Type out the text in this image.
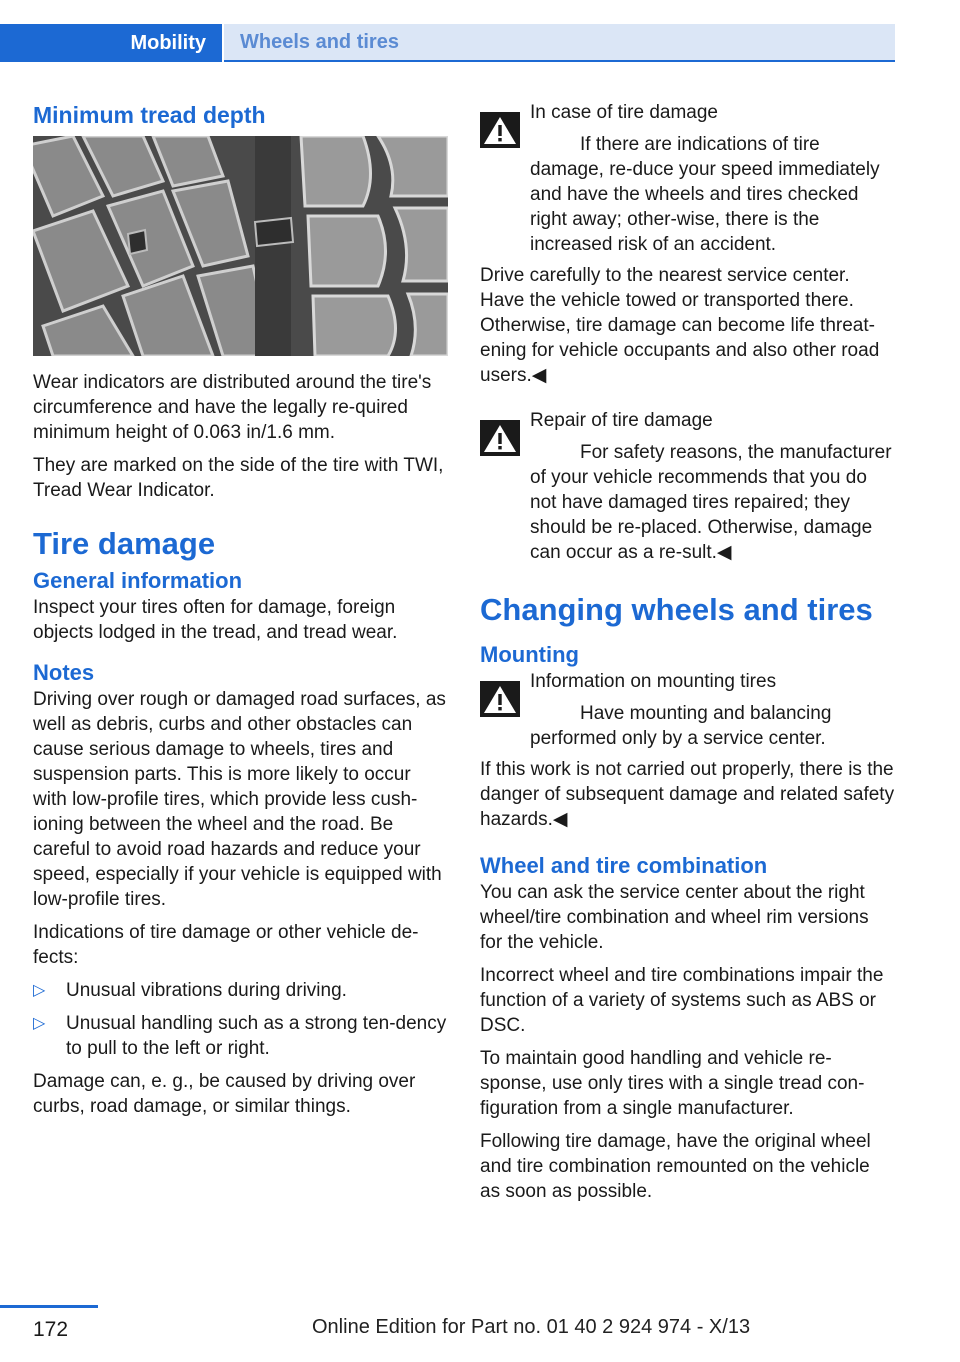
Mobility	Wheels and tires
Minimum tread depth

Wear indicators are distributed around the tire's circumference and have the legally re‐quired minimum height of 0.063 in/1.6 mm.

They are marked on the side of the tire with TWI, Tread Wear Indicator.

Tire damage
General information

Inspect your tires often for damage, foreign objects lodged in the tread, and tread wear.

Notes

Driving over rough or damaged road surfaces, as well as debris, curbs and other obstacles can cause serious damage to wheels, tires and suspension parts. This is more likely to occur with low-profile tires, which provide less cush‐ioning between the wheel and the road. Be careful to avoid road hazards and reduce your speed, especially if your vehicle is equipped with low-profile tires.

Indications of tire damage or other vehicle de‐fects:

▷ Unusual vibrations during driving.
▷ Unusual handling such as a strong ten‐dency to pull to the left or right.

Damage can, e. g., be caused by driving over curbs, road damage, or similar things.

In case of tire damage

If there are indications of tire damage, re‐duce your speed immediately and have the wheels and tires checked right away; other‐wise, there is the increased risk of an accident.

Drive carefully to the nearest service center. Have the vehicle towed or transported there. Otherwise, tire damage can become life threat‐ening for vehicle occupants and also other road users.◀

Repair of tire damage

For safety reasons, the manufacturer of your vehicle recommends that you do not have damaged tires repaired; they should be re‐placed. Otherwise, damage can occur as a re‐sult.◀

Changing wheels and tires
Mounting

Information on mounting tires

Have mounting and balancing performed only by a service center.

If this work is not carried out properly, there is the danger of subsequent damage and related safety hazards.◀

Wheel and tire combination

You can ask the service center about the right wheel/tire combination and wheel rim versions for the vehicle.

Incorrect wheel and tire combinations impair the function of a variety of systems such as ABS or DSC.

To maintain good handling and vehicle re‐sponse, use only tires with a single tread con‐figuration from a single manufacturer.

Following tire damage, have the original wheel and tire combination remounted on the vehicle as soon as possible.

172	Online Edition for Part no. 01 40 2 924 974 - X/13
